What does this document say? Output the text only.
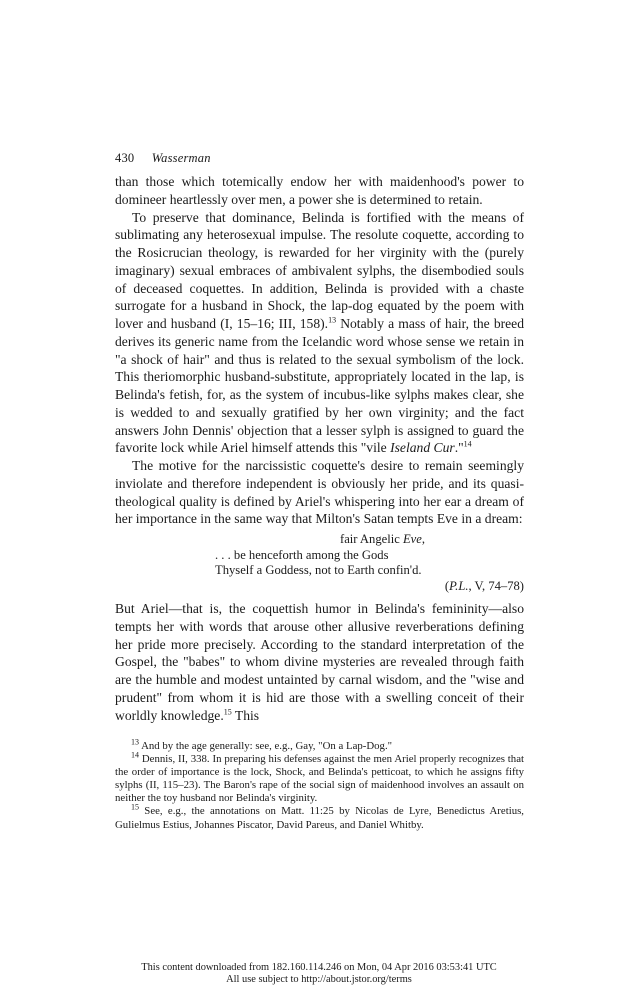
430 Wasserman

than those which totemically endow her with maidenhood's power to domineer heartlessly over men, a power she is determined to retain.

To preserve that dominance, Belinda is fortified with the means of sublimating any heterosexual impulse. The resolute coquette, according to the Rosicrucian theology, is rewarded for her virginity with the (purely imaginary) sexual embraces of ambivalent sylphs, the disembodied souls of deceased coquettes. In addition, Belinda is provided with a chaste surrogate for a husband in Shock, the lap-dog equated by the poem with lover and husband (I, 15–16; III, 158).$^{13}$ Notably a mass of hair, the breed derives its generic name from the Icelandic word whose sense we retain in "a shock of hair" and thus is related to the sexual symbolism of the lock. This theriomorphic husband-substitute, appropriately located in the lap, is Belinda's fetish, for, as the system of incubus-like sylphs makes clear, she is wedded to and sexually gratified by her own virginity; and the fact answers John Dennis' objection that a lesser sylph is assigned to guard the favorite lock while Ariel himself attends this "vile Iseland Cur."$^{14}$

The motive for the narcissistic coquette's desire to remain seemingly inviolate and therefore independent is obviously her pride, and its quasi-theological quality is defined by Ariel's whispering into her ear a dream of her importance in the same way that Milton's Satan tempts Eve in a dream:

fair Angelic Eve,
. . . be henceforth among the Gods
Thyself a Goddess, not to Earth confin'd.
(P.L., V, 74–78)

But Ariel—that is, the coquettish humor in Belinda's femininity—also tempts her with words that arouse other allusive reverberations defining her pride more precisely. According to the standard interpretation of the Gospel, the "babes" to whom divine mysteries are revealed through faith are the humble and modest untainted by carnal wisdom, and the "wise and prudent" from whom it is hid are those with a swelling conceit of their worldly knowledge.$^{15}$ This

$^{13}$ And by the age generally: see, e.g., Gay, "On a Lap-Dog."

$^{14}$ Dennis, II, 338. In preparing his defenses against the men Ariel properly recognizes that the order of importance is the lock, Shock, and Belinda's petticoat, to which he assigns fifty sylphs (II, 115–23). The Baron's rape of the social sign of maidenhood involves an assault on neither the toy husband nor Belinda's virginity.

$^{15}$ See, e.g., the annotations on Matt. 11:25 by Nicolas de Lyre, Benedictus Aretius, Gulielmus Estius, Johannes Piscator, David Pareus, and Daniel Whitby.

This content downloaded from 182.160.114.246 on Mon, 04 Apr 2016 03:53:41 UTC
All use subject to http://about.jstor.org/terms
